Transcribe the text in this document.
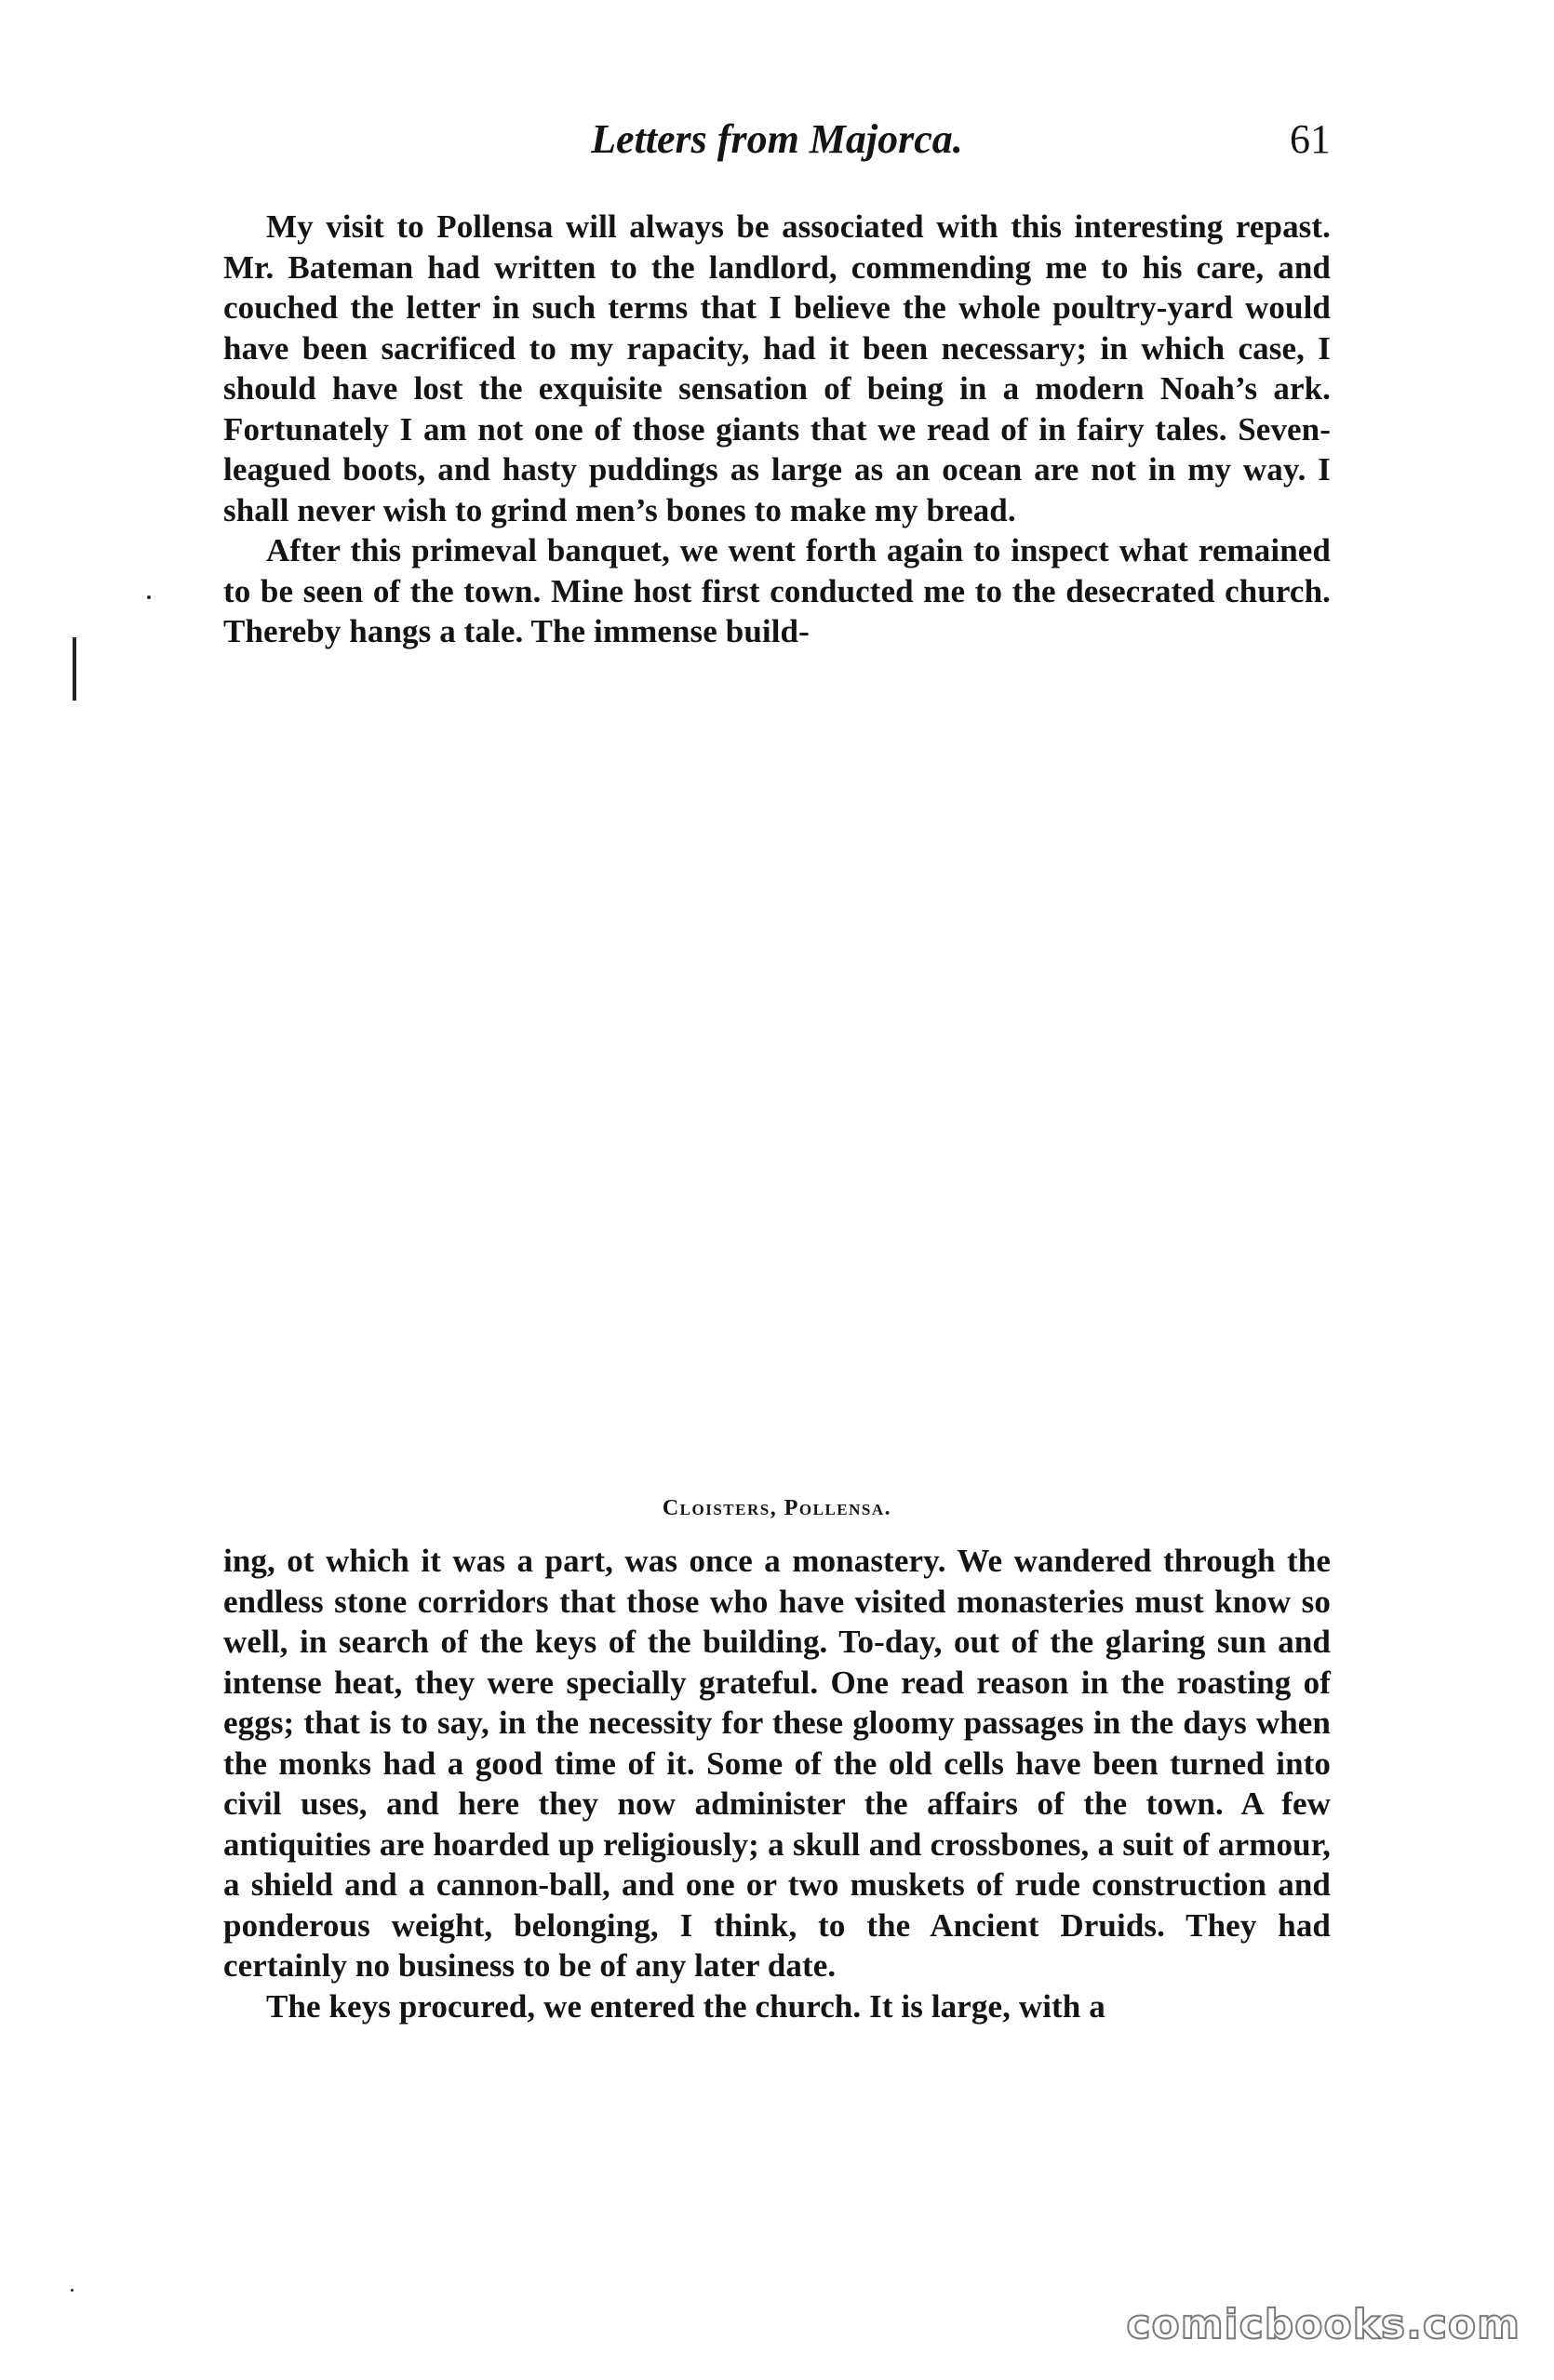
Letters from Majorca.	61

My visit to Pollensa will always be associated with this interesting repast. Mr. Bateman had written to the landlord, commending me to his care, and couched the letter in such terms that I believe the whole poultry-yard would have been sacrificed to my rapacity, had it been necessary; in which case, I should have lost the exquisite sensation of being in a modern Noah’s ark. Fortunately I am not one of those giants that we read of in fairy tales. Seven-leagued boots, and hasty puddings as large as an ocean are not in my way. I shall never wish to grind men’s bones to make my bread.

After this primeval banquet, we went forth again to inspect what remained to be seen of the town. Mine host first conducted me to the desecrated church. Thereby hangs a tale. The immense build-

Cloisters, Pollensa.

ing, ot which it was a part, was once a monastery. We wandered through the endless stone corridors that those who have visited monasteries must know so well, in search of the keys of the building. To-day, out of the glaring sun and intense heat, they were specially grateful. One read reason in the roasting of eggs; that is to say, in the necessity for these gloomy passages in the days when the monks had a good time of it. Some of the old cells have been turned into civil uses, and here they now administer the affairs of the town. A few antiquities are hoarded up religiously; a skull and crossbones, a suit of armour, a shield and a cannon-ball, and one or two muskets of rude construction and ponderous weight, belonging, I think, to the Ancient Druids. They had certainly no business to be of any later date.

The keys procured, we entered the church. It is large, with a

comicbooks.com
